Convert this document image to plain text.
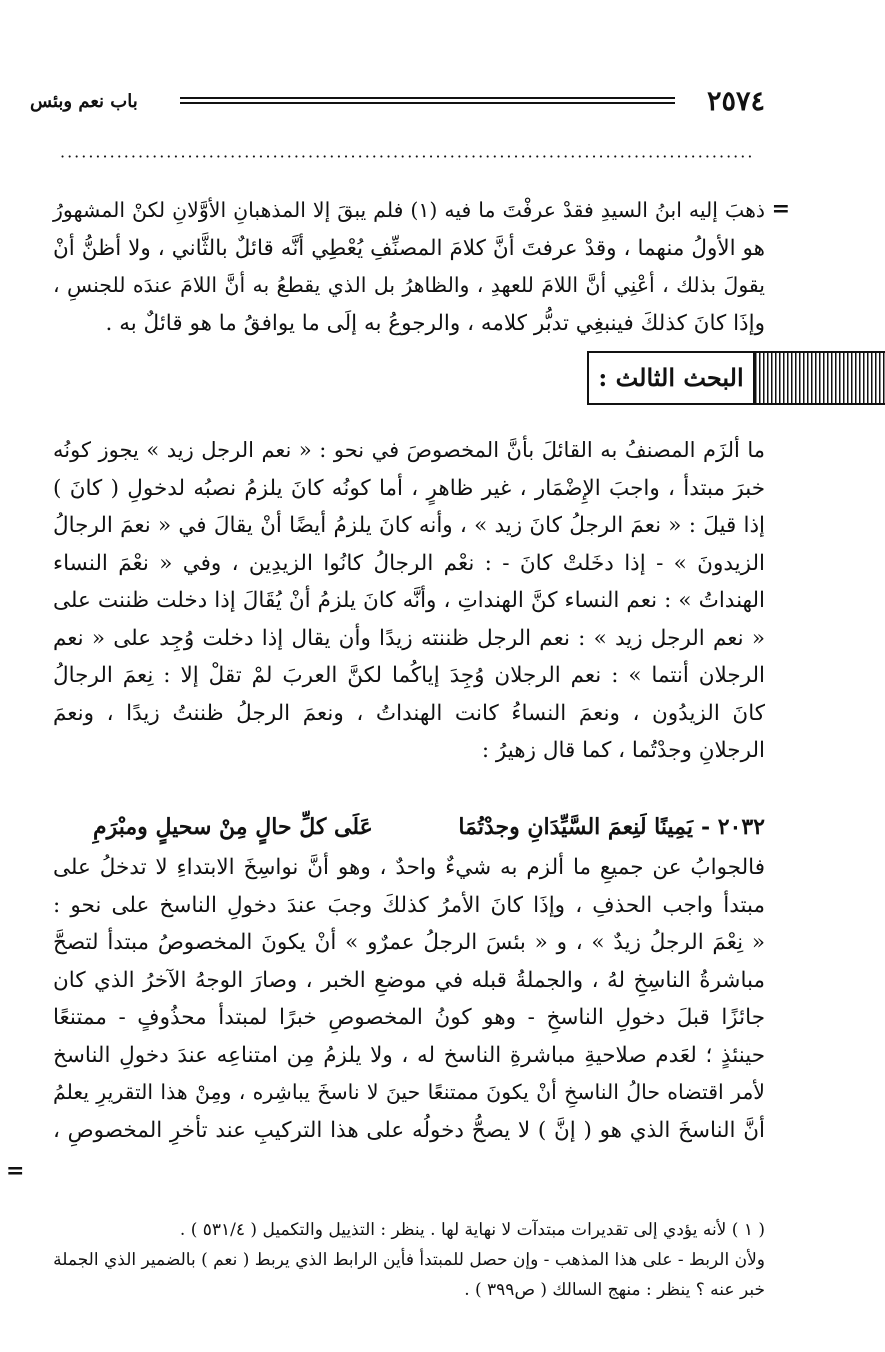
٢٥٧٤
باب نعم وبئس
··································································································
=

ذهبَ إليه ابنُ السيدِ فقدْ عرفْتَ ما فيه (١) فلم يبقَ إلا المذهبانِ الأوَّلانِ لكنْ المشهورُ

هو الأولُ منهما ، وقدْ عرفتَ أنَّ كلامَ المصنِّفِ يُعْطِي أنَّه قائلٌ بالثَّاني ، ولا أظنُّ أنْ

يقولَ بذلك ، أعْنِي أنَّ اللامَ للعهدِ ، والظاهرُ بل الذي يقطعُ به أنَّ اللامَ عندَه للجنسِ ،

وإذَا كانَ كذلكَ فينبغِي تدبُّر كلامه ، والرجوعُ به إلَى ما يوافقُ ما هو قائلٌ به .

البحث الثالث :

ما ألزَم المصنفُ به القائلَ بأنَّ المخصوصَ في نحو : « نعم الرجل زيد » يجوز كونُه

خبرَ مبتدأ ، واجبَ الإِضْمَار ، غير ظاهرٍ ، أما كونُه كانَ يلزمُ نصبُه لدخولِ ( كانَ )

إذا قيلَ : « نعمَ الرجلُ كانَ زيد » ، وأنه كانَ يلزمُ أيضًا أنْ يقالَ في « نعمَ الرجالُ

الزيدونَ » - إذا دخَلتْ كانَ - : نعْم الرجالُ كانُوا الزيدِين ، وفي « نعْمَ النساء

الهنداتُ » : نعم النساء كنَّ الهنداتِ ، وأنَّه كانَ يلزمُ أنْ يُقَالَ إذا دخلت ظننت على

« نعم الرجل زيد » : نعم الرجل ظننته زيدًا وأن يقال إذا دخلت وُجِد على « نعم

الرجلان أنتما » : نعم الرجلان وُجِدَ إياكُما لكنَّ العربَ لمْ تقلْ إلا : نِعمَ الرجالُ

كانَ الزيدُون ، ونعمَ النساءُ كانت الهنداتُ ، ونعمَ الرجلُ ظننتُ زيدًا ، ونعمَ

الرجلانِ وجدْتُما ، كما قال زهيرُ :

٢٠٣٢ -
يَمِينًا لَنِعمَ السَّيِّدَانِ وجدْتُمَا
عَلَى كلِّ حالٍ مِنْ سحيلٍ ومبْرَمِ

فالجوابُ عن جميعِ ما ألزم به شيءٌ واحدٌ ، وهو أنَّ نواسِخَ الابتداءِ لا تدخلُ على

مبتدأ واجب الحذفِ ، وإذَا كانَ الأمرُ كذلكَ وجبَ عندَ دخولِ الناسخ على نحو :

« نِعْمَ الرجلُ زيدٌ » ، و « بئسَ الرجلُ عمرٌو » أنْ يكونَ المخصوصُ مبتدأ لتصحَّ

مباشرةُ الناسِخِ لهُ ، والجملةُ قبله في موضعِ الخبر ، وصارَ الوجهُ الآخرُ الذي كان

جائزًا قبلَ دخولِ الناسخِ - وهو كونُ المخصوصِ خبرًا لمبتدأ محذُوفٍ - ممتنعًا

حينئذٍ ؛ لعَدم صلاحيةِ مباشرةِ الناسخ له ، ولا يلزمُ مِن امتناعِه عندَ دخولِ الناسخ

لأمر اقتضاه حالُ الناسخِ أنْ يكونَ ممتنعًا حينَ لا ناسخَ يباشِره ، ومِنْ هذا التقريرِ يعلمُ

أنَّ الناسخَ الذي هو ( إنَّ ) لا يصحُّ دخولُه على هذا التركيبِ عند تأخرِ المخصوصِ ،

=

( ١ ) لأنه يؤدي إلى تقديرات مبتدآت لا نهاية لها . ينظر : التذييل والتكميل ( ٥٣١/٤ ) .

ولأن الربط - على هذا المذهب - وإن حصل للمبتدأ فأين الرابط الذي يربط ( نعم ) بالضمير الذي الجملة

خبر عنه ؟ ينظر : منهج السالك ( ص٣٩٩ ) .
